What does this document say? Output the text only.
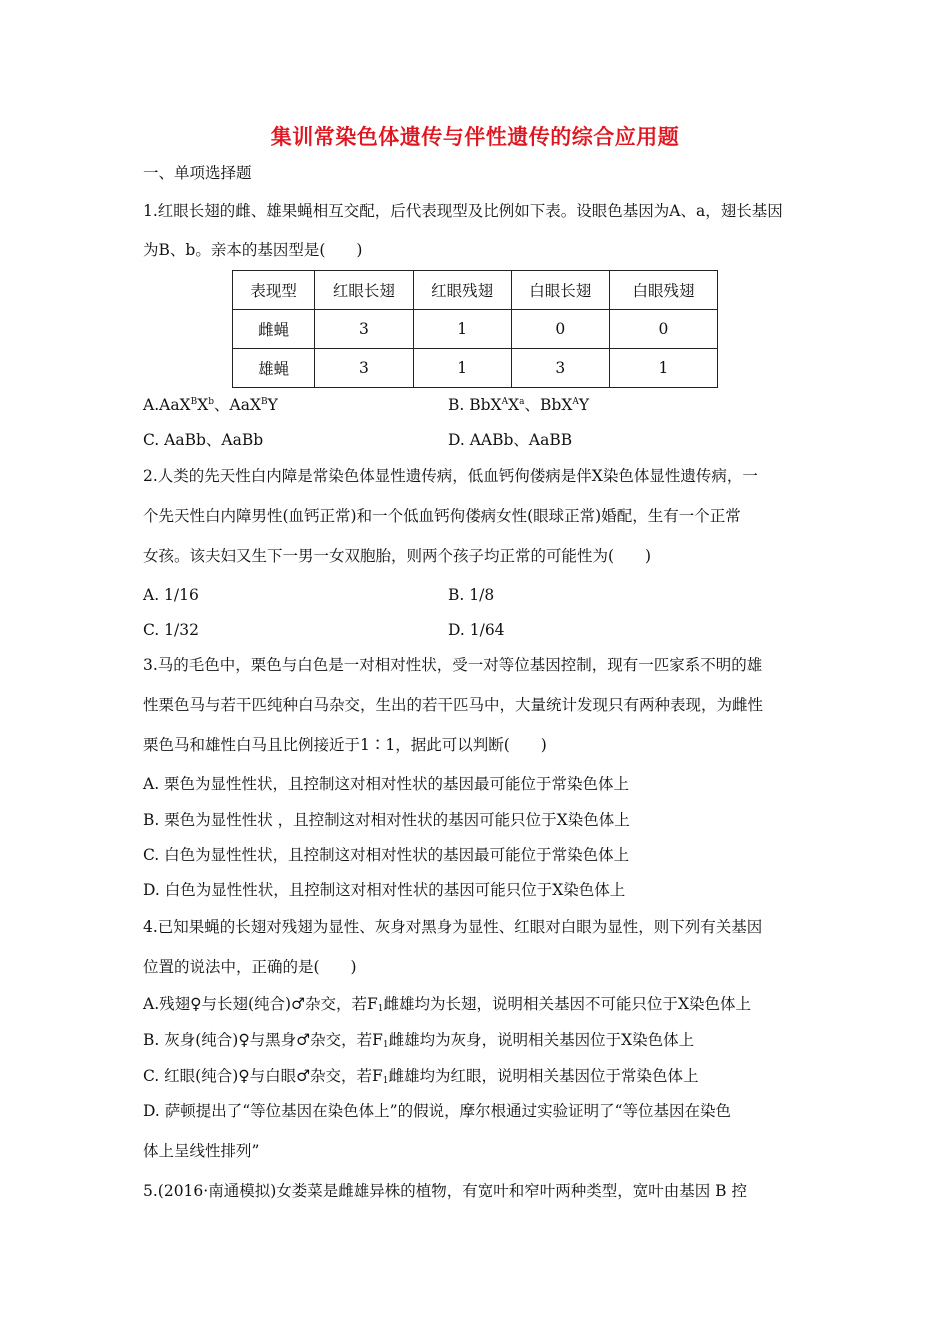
集训常染色体遗传与伴性遗传的综合应用题
一、单项选择题
1.红眼长翅的雌、雄果蝇相互交配，后代表现型及比例如下表。设眼色基因为A、a，翅长基因
为B、b。亲本的基因型是(　　)
表现型	红眼长翅	红眼残翅	白眼长翅	白眼残翅
雌蝇	3	1	0	0
雄蝇	3	1	3	1
$A.AaX^BX^b$、AaX$^B$Y	B. $BbX^AX^a$、BbX$^A$Y
C. AaBb、AaBb	D. AABb、AaBB
2.人类的先天性白内障是常染色体显性遗传病，低血钙佝偻病是伴X染色体显性遗传病，一
个先天性白内障男性(血钙正常)和一个低血钙佝偻病女性(眼球正常)婚配，生有一个正常
女孩。该夫妇又生下一男一女双胞胎，则两个孩子均正常的可能性为(　　)
A. 1/16	B. 1/8
C. 1/32	D. 1/64
3.马的毛色中，栗色与白色是一对相对性状，受一对等位基因控制，现有一匹家系不明的雄
性栗色马与若干匹纯种白马杂交，生出的若干匹马中，大量统计发现只有两种表现，为雌性
栗色马和雄性白马且比例接近于1∶1，据此可以判断(　　)
A. 栗色为显性性状，且控制这对相对性状的基因最可能位于常染色体上
B. 栗色为显性性状 ，且控制这对相对性状的基因可能只位于X染色体上
C. 白色为显性性状，且控制这对相对性状的基因最可能位于常染色体上
D. 白色为显性性状，且控制这对相对性状的基因可能只位于X染色体上
4.已知果蝇的长翅对残翅为显性、灰身对黑身为显性、红眼对白眼为显性，则下列有关基因
位置的说法中，正确的是(　　)
A.残翅♀与长翅(纯合)♂杂交，若$F_1$雌雄均为长翅，说明相关基因不可能只位于X染色体上
B. 灰身(纯合)♀与黑身♂杂交，若$F_1$雌雄均为灰身，说明相关基因位于X染色体上
C. 红眼(纯合)♀与白眼♂杂交，若$F_1$雌雄均为红眼，说明相关基因位于常染色体上
D. 萨顿提出了“等位基因在染色体上”的假说，摩尔根通过实验证明了“等位基因在染色
体上呈线性排列”
5.(2016·南通模拟)女娄菜是雌雄异株的植物，有宽叶和窄叶两种类型，宽叶由基因 B 控
